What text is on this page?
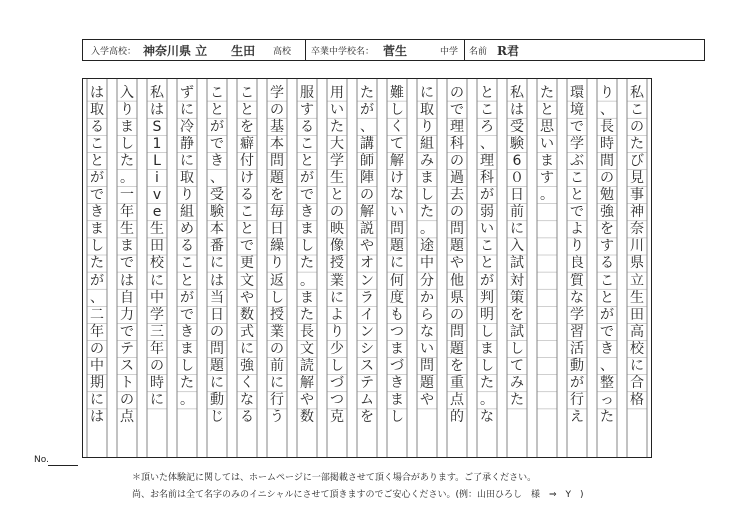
入学高校： 神奈川県 立　　生田 高校 卒業中学校名： 菅生	中学 名前 R君
私
こ
の
た
び
見
事
神
奈
川
県
立
生
田
高
校
に
合
格
り
、
長
時
間
の
勉
強
を
す
る
こ
と
が
で
き
、
整
っ
た
環
境
で
学
ぶ
こ
と
で
よ
り
良
質
な
学
習
活
動
が
行
え
た
と
思
い
ま
す
。
私
は
受
験
6
０
日
前
に
入
試
対
策
を
試
し
て
み
た
と
こ
ろ
、
理
科
が
弱
い
こ
と
が
判
明
し
ま
し
た
。
な
の
で
理
科
の
過
去
の
問
題
や
他
県
の
問
題
を
重
点
的
に
取
り
組
み
ま
し
た
。
途
中
分
か
ら
な
い
問
題
や
難
し
く
て
解
け
な
い
問
題
に
何
度
も
つ
ま
づ
き
ま
し
た
が
、
講
師
陣
の
解
説
や
オ
ン
ラ
イ
ン
シ
ス
テ
ム
を
用
い
た
大
学
生
と
の
映
像
授
業
に
よ
り
少
し
づ
つ
克
服
す
る
こ
と
が
で
き
ま
し
た
。
ま
た
長
文
読
解
や
数
学
の
基
本
問
題
を
毎
日
繰
り
返
し
授
業
の
前
に
行
う
こ
と
を
癖
付
け
る
こ
と
で
更
文
や
数
式
に
強
く
な
る
こ
と
が
で
き
、
受
験
本
番
に
は
当
日
の
問
題
に
動
じ
ず
に
冷
静
に
取
り
組
め
る
こ
と
が
で
き
ま
し
た
。
私
は
S
1
L
i
v
e
生
田
校
に
中
学
三
年
の
時
に
入
り
ま
し
た
。
一
年
生
ま
で
は
自
力
で
テ
ス
ト
の
点
は
取
る
こ
と
が
で
き
ま
し
た
が
、
二
年
の
中
期
に
は
No.
＊頂いた体験記に関しては、ホームページに一部掲載させて頂く場合があります。ご了承ください。
尚、お名前は全て名字のみのイニシャルにさせて頂きますのでご安心ください。(例：山田ひろし　様　⇒　Y　)
